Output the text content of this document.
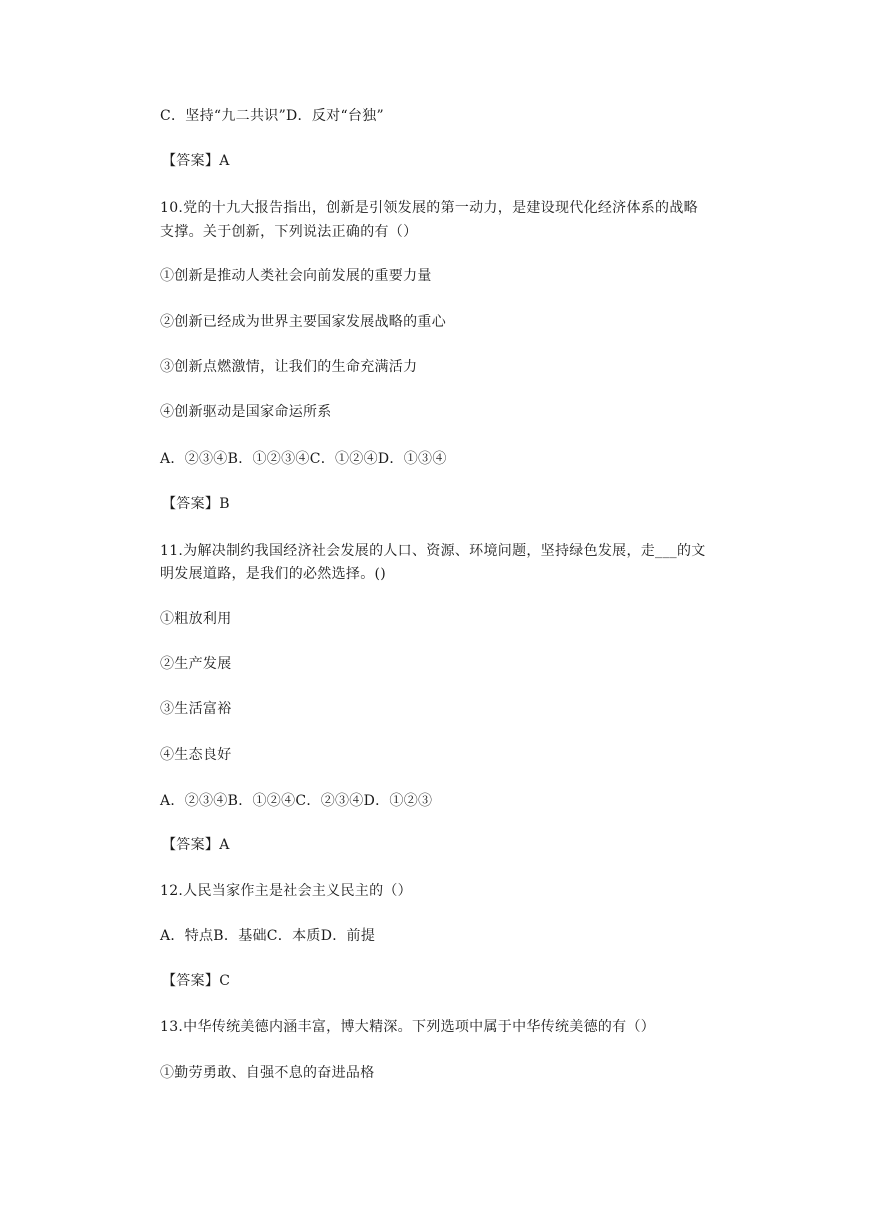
C．坚持“九二共识”D．反对“台独”
【答案】A
10.党的十九大报告指出，创新是引领发展的第一动力，是建设现代化经济体系的战略
支撑。关于创新，下列说法正确的有（）
①创新是推动人类社会向前发展的重要力量
②创新已经成为世界主要国家发展战略的重心
③创新点燃激情，让我们的生命充满活力
④创新驱动是国家命运所系
A．②③④B．①②③④C．①②④D．①③④
【答案】B
11.为解决制约我国经济社会发展的人口、资源、环境问题，坚持绿色发展，走___的文
明发展道路，是我们的必然选择。()
①粗放利用
②生产发展
③生活富裕
④生态良好
A．②③④B．①②④C．②③④D．①②③
【答案】A
12.人民当家作主是社会主义民主的（）
A．特点B．基础C．本质D．前提
【答案】C
13.中华传统美德内涵丰富，博大精深。下列选项中属于中华传统美德的有（）
①勤劳勇敢、自强不息的奋进品格
